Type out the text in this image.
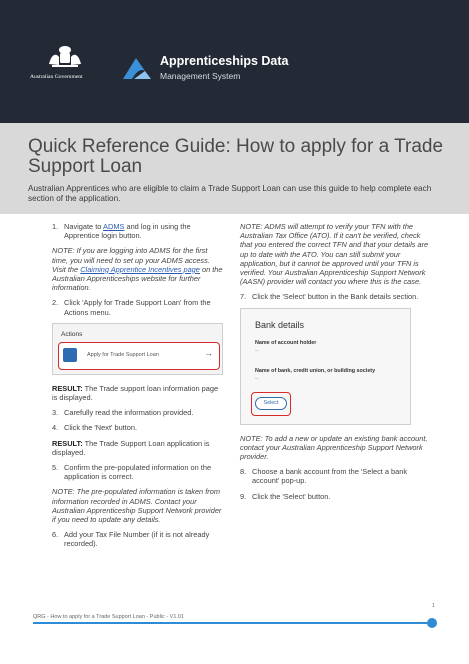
Australian Government
Apprenticeships Data
Management System
Quick Reference Guide: How to apply for a Trade Support Loan
Australian Apprentices who are eligible to claim a Trade Support Loan can use this guide to help complete each section of the application.
1. Navigate to ADMS and log in using the Apprentice login button.
NOTE: If you are logging into ADMS for the first time, you will need to set up your ADMS access. Visit the Claiming Apprentice Incentives page on the Australian Apprenticeships website for further information.
2. Click 'Apply for Trade Support Loan' from the Actions menu.
Actions
Apply for Trade Support Loan	→
RESULT: The Trade support loan information page is displayed.
3. Carefully read the information provided.
4. Click the 'Next' button.
RESULT: The Trade Support Loan application is displayed.
5. Confirm the pre-populated information on the application is correct.
NOTE: The pre-populated information is taken from information recorded in ADMS. Contact your Australian Apprenticeship Support Network provider if you need to update any details.
6. Add your Tax File Number (if it is not already recorded).
NOTE: ADMS will attempt to verify your TFN with the Australian Tax Office (ATO). If it can't be verified, check that you entered the correct TFN and that your details are up to date with the ATO. You can still submit your application, but it cannot be approved until your TFN is verified. Your Australian Apprenticeship Support Network (AASN) provider will contact you where this is the case.
7. Click the 'Select' button in the Bank details section.
Bank details
Name of account holder
--
Name of bank, credit union, or building society
--
Select
NOTE: To add a new or update an existing bank account, contact your Australian Apprenticeship Support Network provider.
8. Choose a bank account from the 'Select a bank account' pop-up.
9. Click the 'Select' button.
1
QRG - How to apply for a Trade Support Loan - Public - V1.01
